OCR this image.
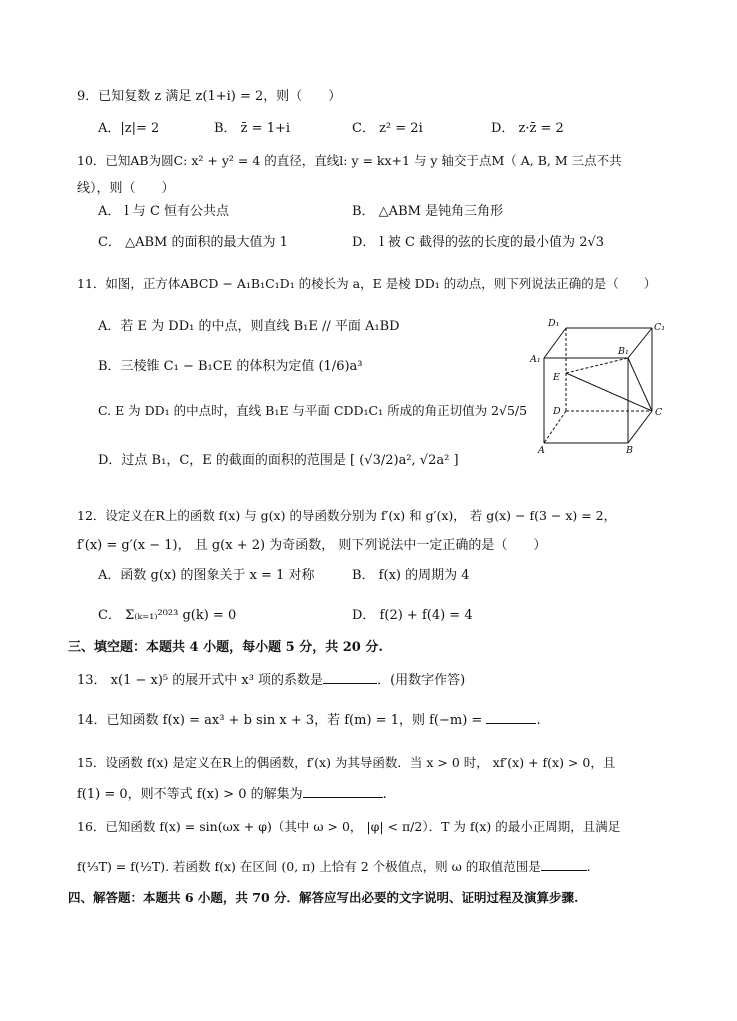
9．已知复数 z 满足 z(1+i) = 2，则（　　）
A．|z|= 2	B． z̄ = 1+i	C． z² = 2i	D． z·z̄ = 2
10．已知AB为圆C: x² + y² = 4 的直径，直线l: y = kx+1 与 y 轴交于点M（ A, B, M 三点不共
线），则（　　）
A． l 与 C 恒有公共点	B． △ABM 是钝角三角形
C． △ABM 的面积的最大值为 1	D． l 被 C 截得的弦的长度的最小值为 2√3
11．如图，正方体ABCD − A₁B₁C₁D₁ 的棱长为 a，E 是棱 DD₁ 的动点，则下列说法正确的是（　　）
A．若 E 为 DD₁ 的中点，则直线 B₁E // 平面 A₁BD
B．三棱锥 C₁ − B₁CE 的体积为定值 (1/6)a³
C. E 为 DD₁ 的中点时，直线 B₁E 与平面 CDD₁C₁ 所成的角正切值为 2√5/5
D．过点 B₁，C，E 的截面的面积的范围是 [ (√3/2)a², √2a² ]
D₁	C₁
A₁
B₁
E
D	C
A	B
12．设定义在R上的函数 f(x) 与 g(x) 的导函数分别为 f′(x) 和 g′(x)， 若 g(x) − f(3 − x) = 2，
f′(x) = g′(x − 1)， 且 g(x + 2) 为奇函数， 则下列说法中一定正确的是（　　）
A．函数 g(x) 的图象关于 x = 1 对称	B． f(x) 的周期为 4
C． Σ₍ₖ₌₁₎²⁰²³ g(k) = 0	D． f(2) + f(4) = 4
三、填空题：本题共 4 小题，每小题 5 分，共 20 分.
13． x(1 − x)⁵ 的展开式中 x³ 项的系数是	．(用数字作答)
14．已知函数 f(x) = ax³ + b sin x + 3，若 f(m) = 1，则 f(−m) =	.
15．设函数 f(x) 是定义在R上的偶函数，f′(x) 为其导函数．当 x > 0 时， xf′(x) + f(x) > 0，且
f(1) = 0，则不等式 f(x) > 0 的解集为	.
16．已知函数 f(x) = sin(ωx + φ)（其中 ω > 0， |φ| < π/2）．T 为 f(x) 的最小正周期，且满足
f(⅓T) = f(½T). 若函数 f(x) 在区间 (0, π) 上恰有 2 个极值点，则 ω 的取值范围是	.
四、解答题：本题共 6 小题，共 70 分．解答应写出必要的文字说明、证明过程及演算步骤.
